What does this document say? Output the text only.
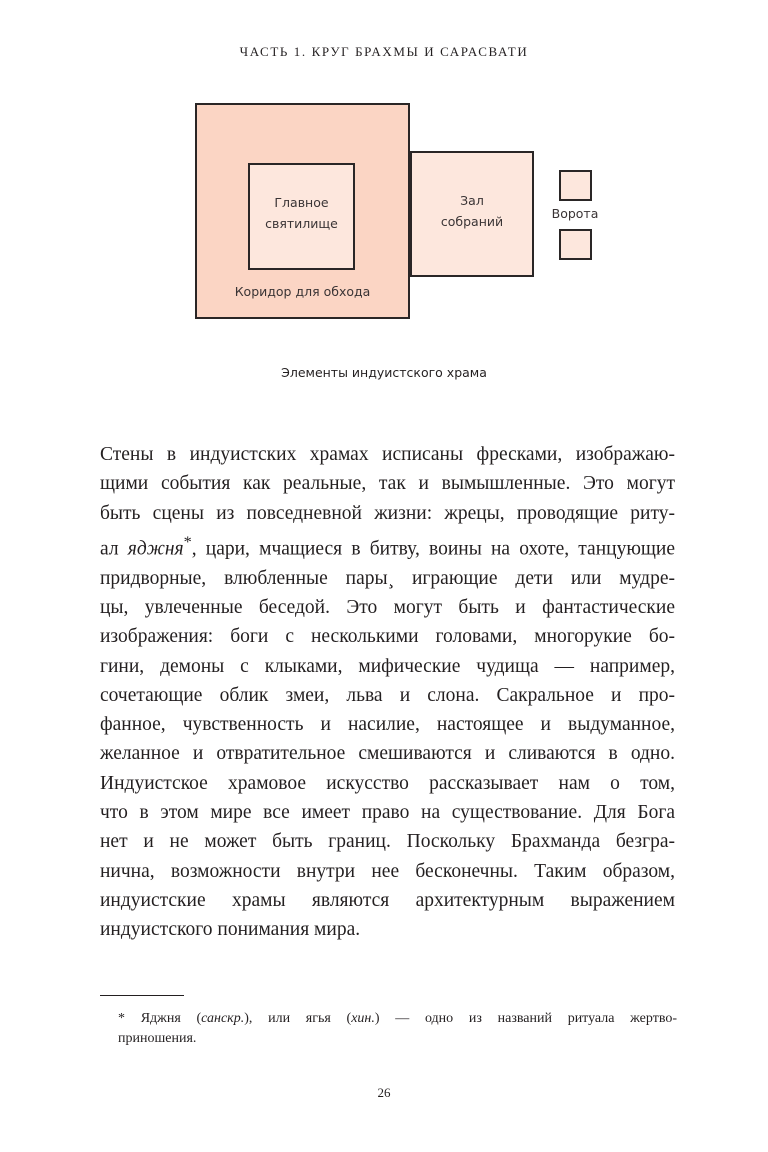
ЧАСТЬ 1. КРУГ БРАХМЫ И САРАСВАТИ
Главное
святилище
Коридор для обхода
Зал
собраний
Ворота
Элементы индуистского храма
Стены в индуистских храмах исписаны фресками, изображаю-
щими события как реальные, так и вымышленные. Это могут
быть сцены из повседневной жизни: жрецы, проводящие риту-
ал яджня*, цари, мчащиеся в битву, воины на охоте, танцующие
придворные, влюбленные пары¸ играющие дети или мудре-
цы, увлеченные беседой. Это могут быть и фантастические
изображения: боги с несколькими головами, многорукие бо-
гини, демоны с клыками, мифические чудища — например,
сочетающие облик змеи, льва и слона. Сакральное и про-
фанное, чувственность и насилие, настоящее и выдуманное,
желанное и отвратительное смешиваются и сливаются в одно.
Индуистское храмовое искусство рассказывает нам о том,
что в этом мире все имеет право на существование. Для Бога
нет и не может быть границ. Поскольку Брахманда безгра-
нична, возможности внутри нее бесконечны. Таким образом,
индуистские храмы являются архитектурным выражением
индуистского понимания мира.
* Яджня (санскр.), или ягья (хин.) — одно из названий ритуала жертво-
приношения.
26
